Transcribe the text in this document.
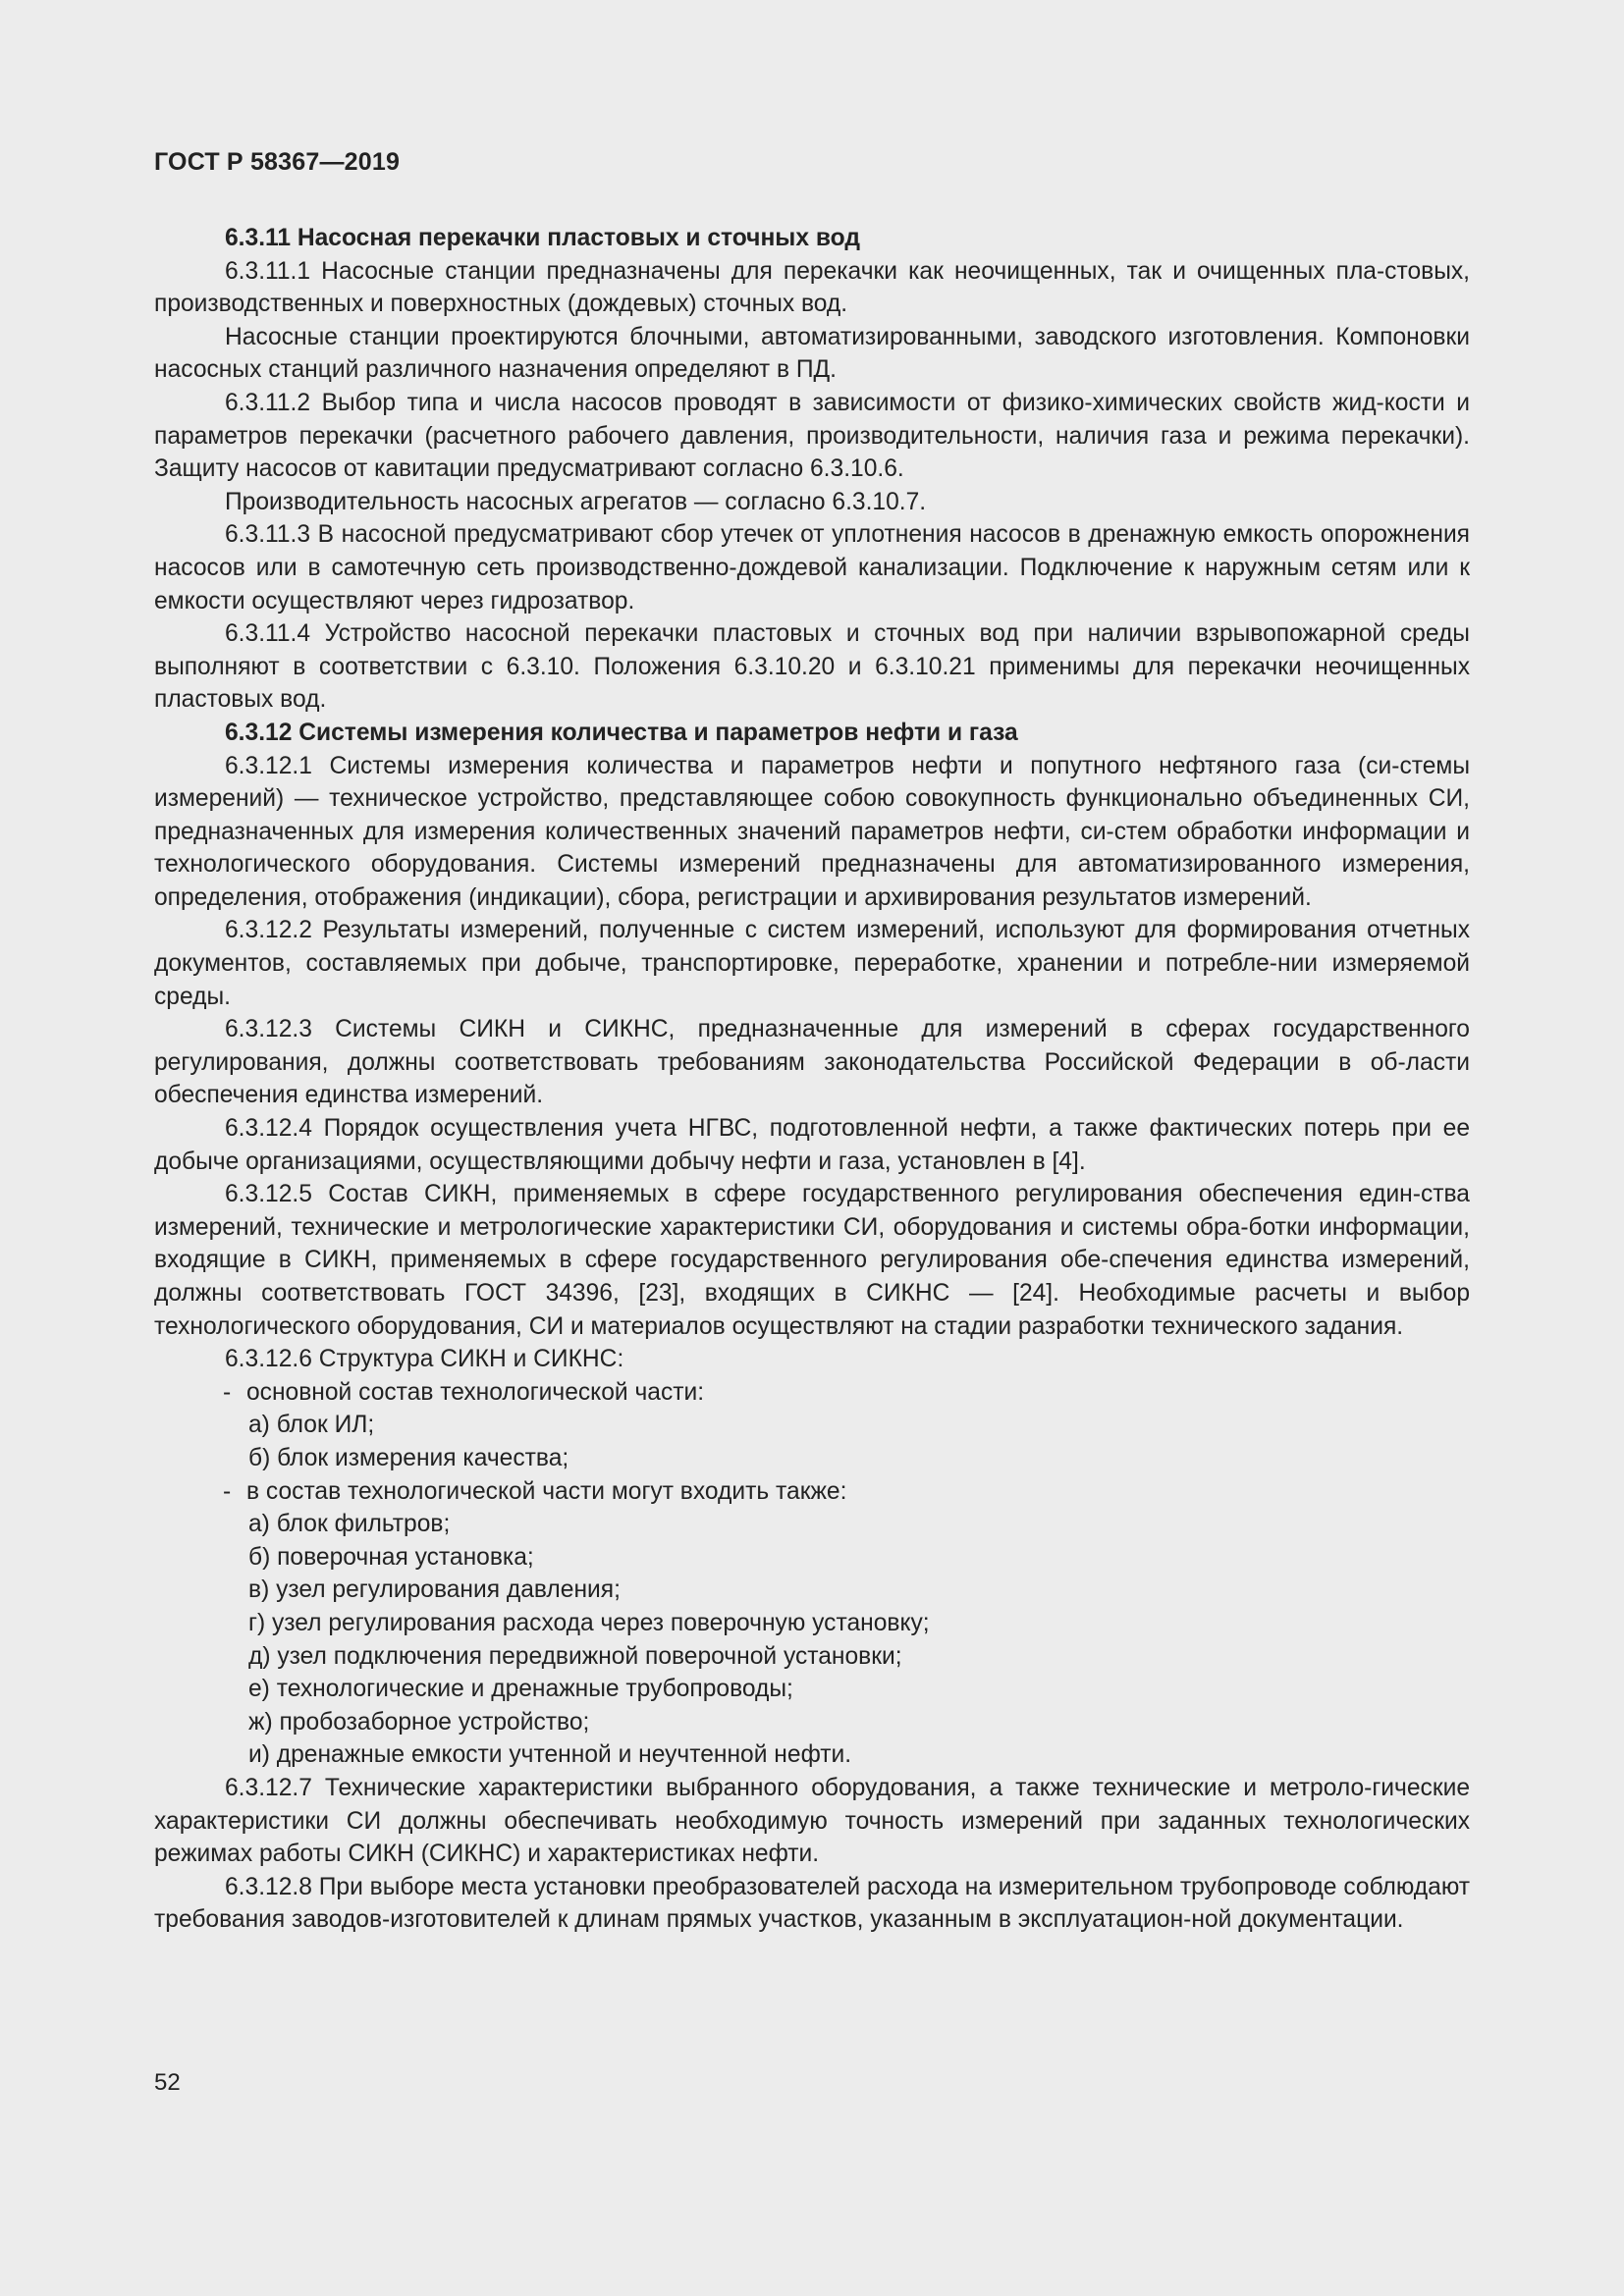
ГОСТ Р 58367—2019

6.3.11 Насосная перекачки пластовых и сточных вод

6.3.11.1 Насосные станции предназначены для перекачки как неочищенных, так и очищенных пла-стовых, производственных и поверхностных (дождевых) сточных вод.

Насосные станции проектируются блочными, автоматизированными, заводского изготовления. Компоновки насосных станций различного назначения определяют в ПД.

6.3.11.2 Выбор типа и числа насосов проводят в зависимости от физико-химических свойств жид-кости и параметров перекачки (расчетного рабочего давления, производительности, наличия газа и режима перекачки). Защиту насосов от кавитации предусматривают согласно 6.3.10.6.

Производительность насосных агрегатов — согласно 6.3.10.7.

6.3.11.3 В насосной предусматривают сбор утечек от уплотнения насосов в дренажную емкость опорожнения насосов или в самотечную сеть производственно-дождевой канализации. Подключение к наружным сетям или к емкости осуществляют через гидрозатвор.

6.3.11.4 Устройство насосной перекачки пластовых и сточных вод при наличии взрывопожарной среды выполняют в соответствии с 6.3.10. Положения 6.3.10.20 и 6.3.10.21 применимы для перекачки неочищенных пластовых вод.

6.3.12 Системы измерения количества и параметров нефти и газа

6.3.12.1 Системы измерения количества и параметров нефти и попутного нефтяного газа (си-стемы измерений) — техническое устройство, представляющее собою совокупность функционально объединенных СИ, предназначенных для измерения количественных значений параметров нефти, си-стем обработки информации и технологического оборудования. Системы измерений предназначены для автоматизированного измерения, определения, отображения (индикации), сбора, регистрации и архивирования результатов измерений.

6.3.12.2 Результаты измерений, полученные с систем измерений, используют для формирования отчетных документов, составляемых при добыче, транспортировке, переработке, хранении и потребле-нии измеряемой среды.

6.3.12.3 Системы СИКН и СИКНС, предназначенные для измерений в сферах государственного регулирования, должны соответствовать требованиям законодательства Российской Федерации в об-ласти обеспечения единства измерений.

6.3.12.4 Порядок осуществления учета НГВС, подготовленной нефти, а также фактических потерь при ее добыче организациями, осуществляющими добычу нефти и газа, установлен в [4].

6.3.12.5 Состав СИКН, применяемых в сфере государственного регулирования обеспечения един-ства измерений, технические и метрологические характеристики СИ, оборудования и системы обра-ботки информации, входящие в СИКН, применяемых в сфере государственного регулирования обе-спечения единства измерений, должны соответствовать ГОСТ 34396, [23], входящих в СИКНС — [24]. Необходимые расчеты и выбор технологического оборудования, СИ и материалов осуществляют на стадии разработки технического задания.

6.3.12.6 Структура СИКН и СИКНС:

- основной состав технологической части:
а) блок ИЛ;
б) блок измерения качества;
- в состав технологической части могут входить также:
а) блок фильтров;
б) поверочная установка;
в) узел регулирования давления;
г) узел регулирования расхода через поверочную установку;
д) узел подключения передвижной поверочной установки;
е) технологические и дренажные трубопроводы;
ж) пробозаборное устройство;
и) дренажные емкости учтенной и неучтенной нефти.

6.3.12.7 Технические характеристики выбранного оборудования, а также технические и метроло-гические характеристики СИ должны обеспечивать необходимую точность измерений при заданных технологических режимах работы СИКН (СИКНС) и характеристиках нефти.

6.3.12.8 При выборе места установки преобразователей расхода на измерительном трубопроводе соблюдают требования заводов-изготовителей к длинам прямых участков, указанным в эксплуатацион-ной документации.

52
